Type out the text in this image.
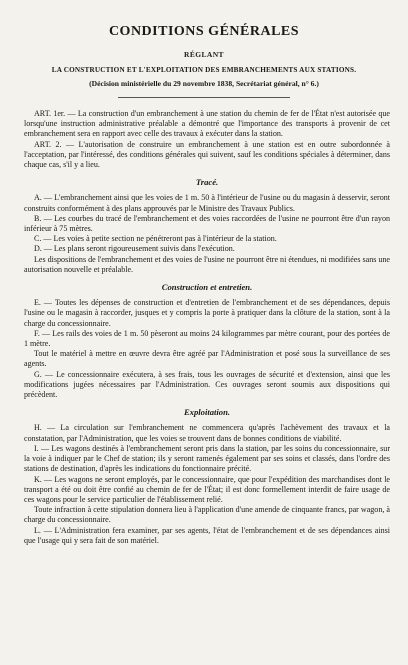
CONDITIONS GÉNÉRALES
RÉGLANT
LA CONSTRUCTION ET L'EXPLOITATION DES EMBRANCHEMENTS AUX STATIONS.
(Décision ministérielle du 29 novembre 1838, Secrétariat général, n° 6.)

ART. 1er. — La construction d'un embranchement à une station du chemin de fer de l'État n'est autorisée que lorsqu'une instruction administrative préalable a démontré que l'importance des transports à provenir de cet embranchement sera en rapport avec celle des travaux à exécuter dans la station.

ART. 2. — L'autorisation de construire un embranchement à une station est en outre subordonnée à l'acceptation, par l'intéressé, des conditions générales qui suivent, sauf les conditions spéciales à déterminer, dans chaque cas, s'il y a lieu.

Tracé.

A. — L'embranchement ainsi que les voies de 1 m. 50 à l'intérieur de l'usine ou du magasin à desservir, seront construits conformément à des plans approuvés par le Ministre des Travaux Publics.

B. — Les courbes du tracé de l'embranchement et des voies raccordées de l'usine ne pourront être d'un rayon inférieur à 75 mètres.

C. — Les voies à petite section ne pénétreront pas à l'intérieur de la station.

D. — Les plans seront rigoureusement suivis dans l'exécution.

Les dispositions de l'embranchement et des voies de l'usine ne pourront être ni étendues, ni modifiées sans une autorisation nouvelle et préalable.

Construction et entretien.

E. — Toutes les dépenses de construction et d'entretien de l'embranchement et de ses dépendances, depuis l'usine ou le magasin à raccorder, jusques et y compris la porte à pratiquer dans la clôture de la station, sont à la charge du concessionnaire.

F. — Les rails des voies de 1 m. 50 pèseront au moins 24 kilogrammes par mètre courant, pour des portées de 1 mètre.

Tout le matériel à mettre en œuvre devra être agréé par l'Administration et posé sous la surveillance de ses agents.

G. — Le concessionnaire exécutera, à ses frais, tous les ouvrages de sécurité et d'extension, ainsi que les modifications jugées nécessaires par l'Administration. Ces ouvrages seront soumis aux dispositions qui précèdent.

Exploitation.

H. — La circulation sur l'embranchement ne commencera qu'après l'achèvement des travaux et la constatation, par l'Administration, que les voies se trouvent dans de bonnes conditions de viabilité.

I. — Les wagons destinés à l'embranchement seront pris dans la station, par les soins du concessionnaire, sur la voie à indiquer par le Chef de station; ils y seront ramenés également par ses soins et classés, dans l'ordre des stations de destination, d'après les indications du fonctionnaire précité.

K. — Les wagons ne seront employés, par le concessionnaire, que pour l'expédition des marchandises dont le transport a été ou doit être confié au chemin de fer de l'État; il est donc formellement interdit de faire usage de ces wagons pour le service particulier de l'établissement relié.

Toute infraction à cette stipulation donnera lieu à l'application d'une amende de cinquante francs, par wagon, à charge du concessionnaire.

L. — L'Administration fera examiner, par ses agents, l'état de l'embranchement et de ses dépendances ainsi que l'usage qui y sera fait de son matériel.
